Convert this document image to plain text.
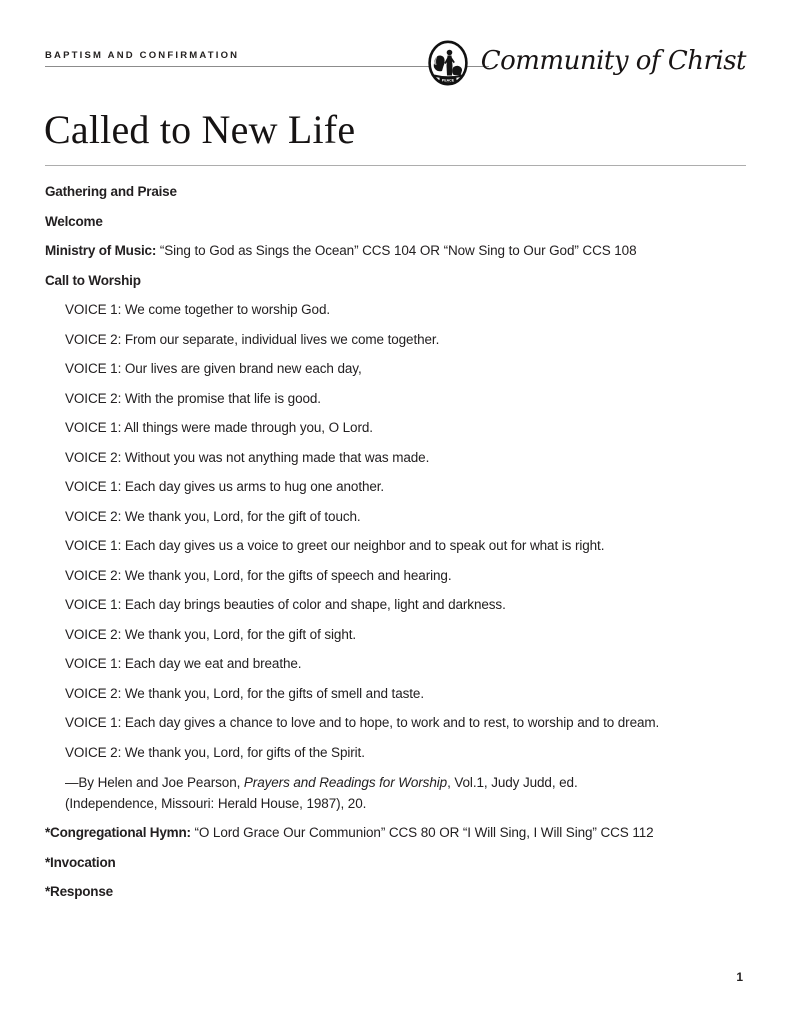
BAPTISM AND CONFIRMATION
PEACE
Community of Christ
Called to New Life

Gathering and Praise

Welcome

Ministry of Music: “Sing to God as Sings the Ocean” CCS 104 OR “Now Sing to Our God” CCS 108

Call to Worship

VOICE 1: We come together to worship God.

VOICE 2: From our separate, individual lives we come together.

VOICE 1: Our lives are given brand new each day,

VOICE 2: With the promise that life is good.

VOICE 1: All things were made through you, O Lord.

VOICE 2: Without you was not anything made that was made.

VOICE 1: Each day gives us arms to hug one another.

VOICE 2: We thank you, Lord, for the gift of touch.

VOICE 1: Each day gives us a voice to greet our neighbor and to speak out for what is right.

VOICE 2: We thank you, Lord, for the gifts of speech and hearing.

VOICE 1: Each day brings beauties of color and shape, light and darkness.

VOICE 2: We thank you, Lord, for the gift of sight.

VOICE 1: Each day we eat and breathe.

VOICE 2: We thank you, Lord, for the gifts of smell and taste.

VOICE 1: Each day gives a chance to love and to hope, to work and to rest, to worship and to dream.

VOICE 2: We thank you, Lord, for gifts of the Spirit.

—By Helen and Joe Pearson, Prayers and Readings for Worship, Vol.1, Judy Judd, ed.
(Independence, Missouri: Herald House, 1987), 20.

*Congregational Hymn: “O Lord Grace Our Communion” CCS 80 OR “I Will Sing, I Will Sing” CCS 112

*Invocation

*Response

1
